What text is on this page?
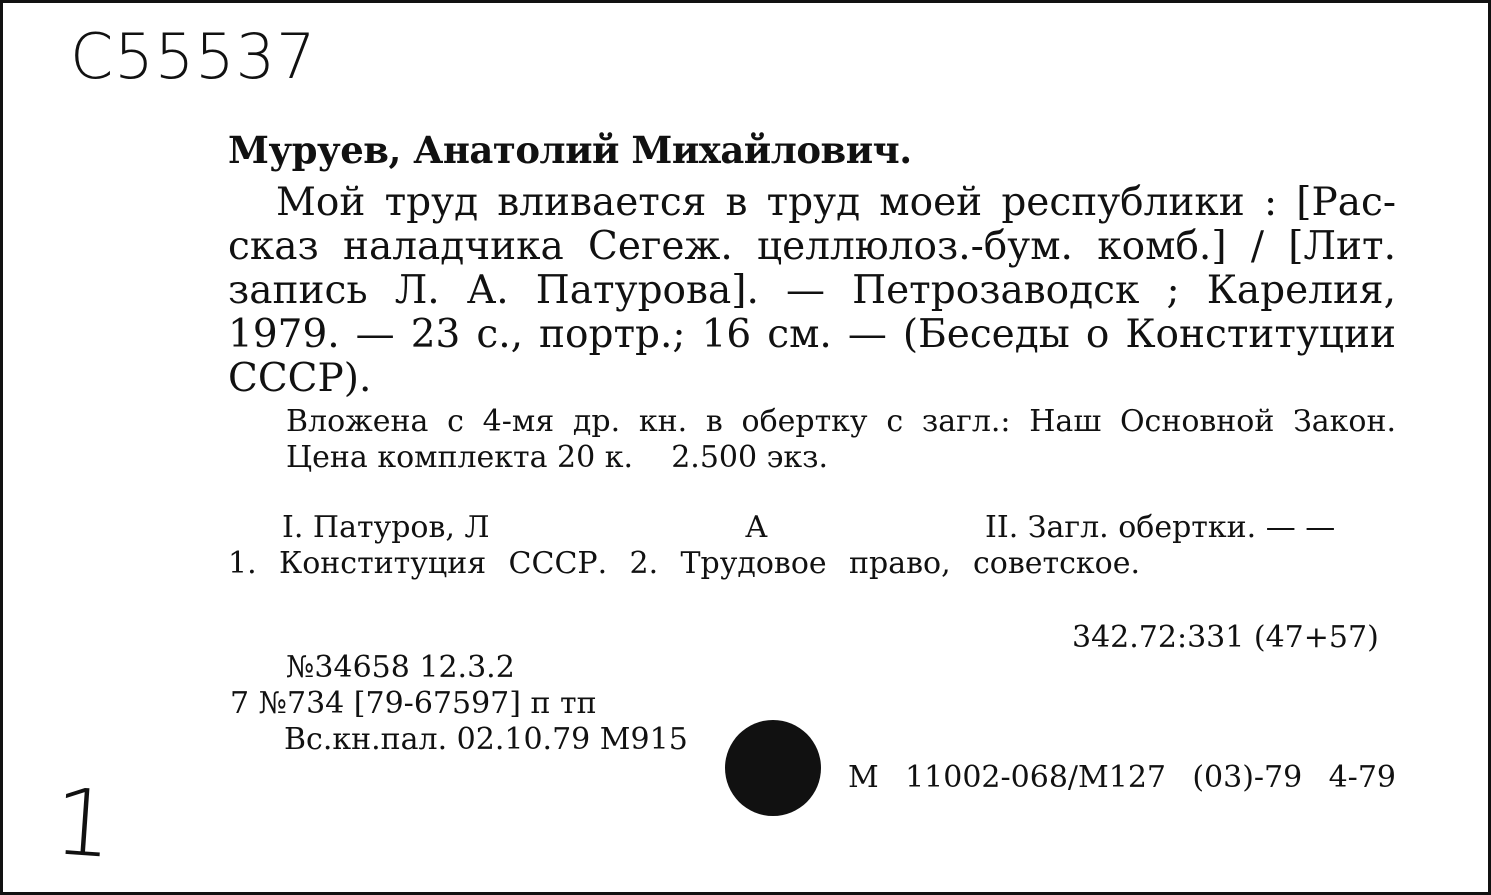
С55537
Муруев, Анатолий Михайлович.
Мой труд вливается в труд моей республики : [Рас-
сказ наладчика Сегеж. целлюлоз.-бум. комб.] / [Лит.
запись Л. А. Патурова]. — Петрозаводск ; Карелия,
1979. — 23 с., портр.; 16 см. — (Беседы о Конституции
СССР).
Вложена с 4-мя др. кн. в обертку с загл.: Наш Основной Закон.
Цена комплекта 20 к.    2.500 экз.
I. Патуров, Л	А	II. Загл. обертки. — —
1. Конституция СССР. 2. Трудовое право, советское.
342.72:331 (47+57)
№34658 12.3.2
7 №734 [79-67597] п тп
Вс.кн.пал. 02.10.79 М915
М 11002-068/М127 (03)-79 4-79
1
